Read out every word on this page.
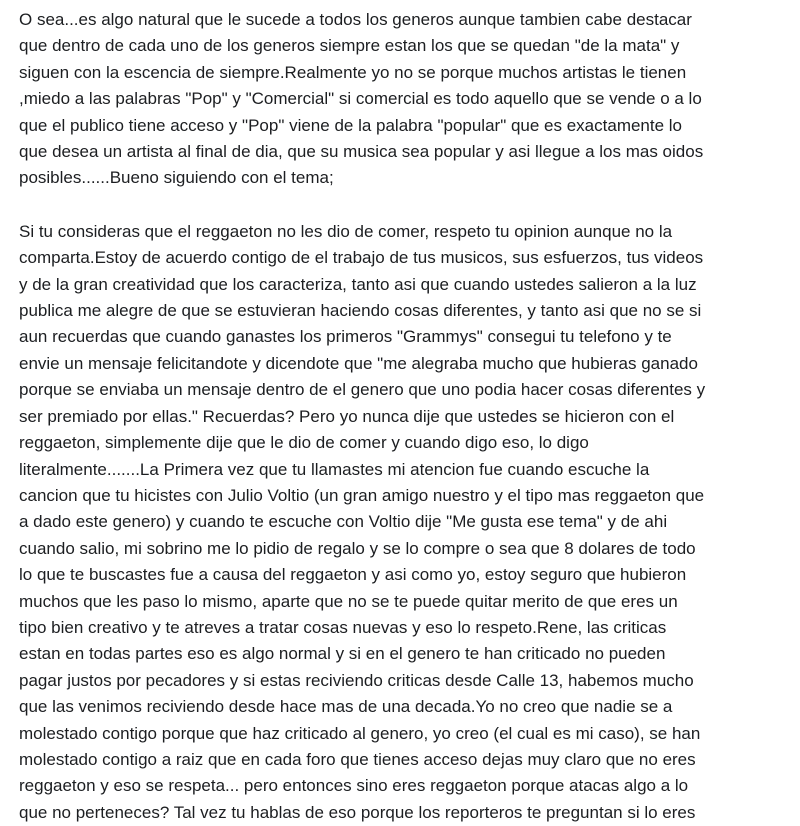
O sea...es algo natural que le sucede a todos los generos aunque tambien cabe destacar
que dentro de cada uno de los generos siempre estan los que se quedan "de la mata" y
siguen con la escencia de siempre.Realmente yo no se porque muchos artistas le tienen
,miedo a las palabras "Pop" y "Comercial" si comercial es todo aquello que se vende o a lo
que el publico tiene acceso y "Pop" viene de la palabra "popular" que es exactamente lo
que desea un artista al final de dia, que su musica sea popular y asi llegue a los mas oidos
posibles......Bueno siguiendo con el tema;

Si tu consideras que el reggaeton no les dio de comer, respeto tu opinion aunque no la
comparta.Estoy de acuerdo contigo de el trabajo de tus musicos, sus esfuerzos, tus videos
y de la gran creatividad que los caracteriza, tanto asi que cuando ustedes salieron a la luz
publica me alegre de que se estuvieran haciendo cosas diferentes, y tanto asi que no se si
aun recuerdas que cuando ganastes los primeros "Grammys" consegui tu telefono y te
envie un mensaje felicitandote y dicendote que "me alegraba mucho que hubieras ganado
porque se enviaba un mensaje dentro de el genero que uno podia hacer cosas diferentes y
ser premiado por ellas." Recuerdas? Pero yo nunca dije que ustedes se hicieron con el
reggaeton, simplemente dije que le dio de comer y cuando digo eso, lo digo
literalmente.......La Primera vez que tu llamastes mi atencion fue cuando escuche la
cancion que tu hicistes con Julio Voltio (un gran amigo nuestro y el tipo mas reggaeton que
a dado este genero) y cuando te escuche con Voltio dije "Me gusta ese tema" y de ahi
cuando salio, mi sobrino me lo pidio de regalo y se lo compre o sea que 8 dolares de todo
lo que te buscastes fue a causa del reggaeton y asi como yo, estoy seguro que hubieron
muchos que les paso lo mismo, aparte que no se te puede quitar merito de que eres un
tipo bien creativo y te atreves a tratar cosas nuevas y eso lo respeto.Rene, las criticas
estan en todas partes eso es algo normal y si en el genero te han criticado no pueden
pagar justos por pecadores y si estas reciviendo criticas desde Calle 13, habemos mucho
que las venimos reciviendo desde hace mas de una decada.Yo no creo que nadie se a
molestado contigo porque que haz criticado al genero, yo creo (el cual es mi caso), se han
molestado contigo a raiz que en cada foro que tienes acceso dejas muy claro que no eres
reggaeton y eso se respeta... pero entonces sino eres reggaeton porque atacas algo a lo
que no perteneces? Tal vez tu hablas de eso porque los reporteros te preguntan si lo eres
